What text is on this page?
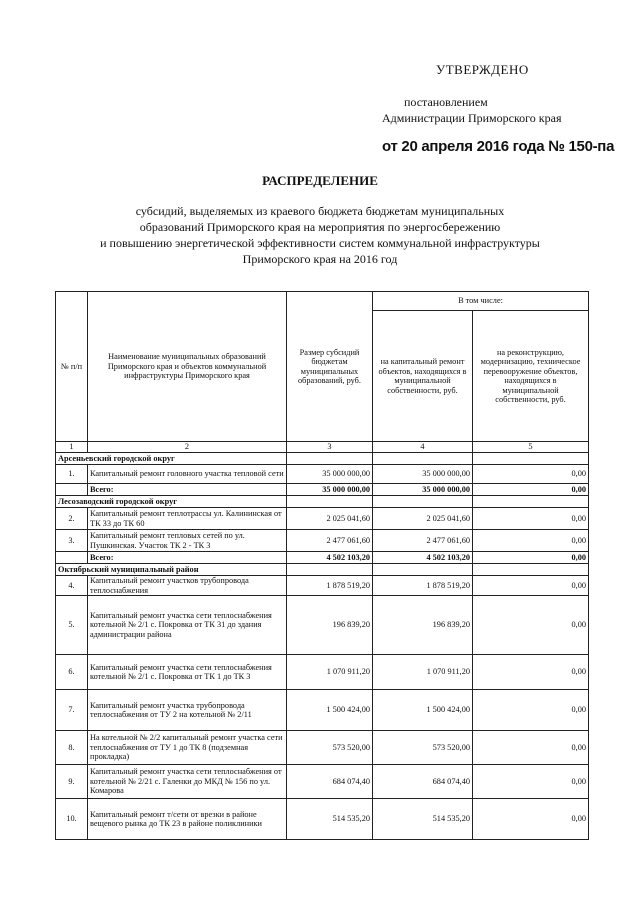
УТВЕРЖДЕНО
постановлением
Администрации Приморского края
от 20 апреля 2016 года № 150-па
РАСПРЕДЕЛЕНИЕ
субсидий, выделяемых из краевого бюджета бюджетам муниципальных
образований Приморского края на мероприятия по энергосбережению
и повышению энергетической эффективности систем коммунальной инфраструктуры
Приморского края на 2016 год
№ п/п	Наименование муниципальных образований Приморского края и объектов коммунальной инфраструктуры Приморского края	Размер субсидий бюджетам муниципальных образований, руб.	В том числе:	
			на капитальный ремонт объектов, находящихся в муниципальной собственности, руб.	на реконструкцию, модернизацию, техническое перевооружение объектов, находящихся в муниципальной собственности, руб.
1	2	3	4	5
Арсеньевский городской округ				
1.	Капитальный ремонт головного участка тепловой сети	35 000 000,00	35 000 000,00	0,00
	Всего:	35 000 000,00	35 000 000,00	0,00
Лесозаводский городской округ				
2.	Капитальный ремонт теплотрассы ул. Калининская от ТК 33 до ТК 60	2 025 041,60	2 025 041,60	0,00
3.	Капитальный ремонт тепловых сетей по ул. Пушкинская. Участок ТК 2 - ТК 3	2 477 061,60	2 477 061,60	0,00
	Всего:	4 502 103,20	4 502 103,20	0,00
Октябрьский муниципальный район				
4.	Капитальный ремонт участков трубопровода теплоснабжения	1 878 519,20	1 878 519,20	0,00
5.	Капитальный ремонт участка сети теплоснабжения котельной № 2/1 с. Покровка от ТК 31 до здания администрации района	196 839,20	196 839,20	0,00
6.	Капитальный ремонт участка сети теплоснабжения котельной № 2/1 с. Покровка от ТК 1 до ТК 3	1 070 911,20	1 070 911,20	0,00
7.	Капитальный ремонт участка трубопровода теплоснабжения от ТУ 2 на котельной № 2/11	1 500 424,00	1 500 424,00	0,00
8.	На котельной № 2/2 капитальный ремонт участка сети теплоснабжения от ТУ 1 до ТК 8 (подземная прокладка)	573 520,00	573 520,00	0,00
9.	Капитальный ремонт участка сети теплоснабжения от котельной № 2/21 с. Галенки до МКД № 156 по ул. Комарова	684 074,40	684 074,40	0,00
10.	Капитальный ремонт т/сети от врезки в районе вещевого рынка до ТК 23 в районе поликлиники	514 535,20	514 535,20	0,00
